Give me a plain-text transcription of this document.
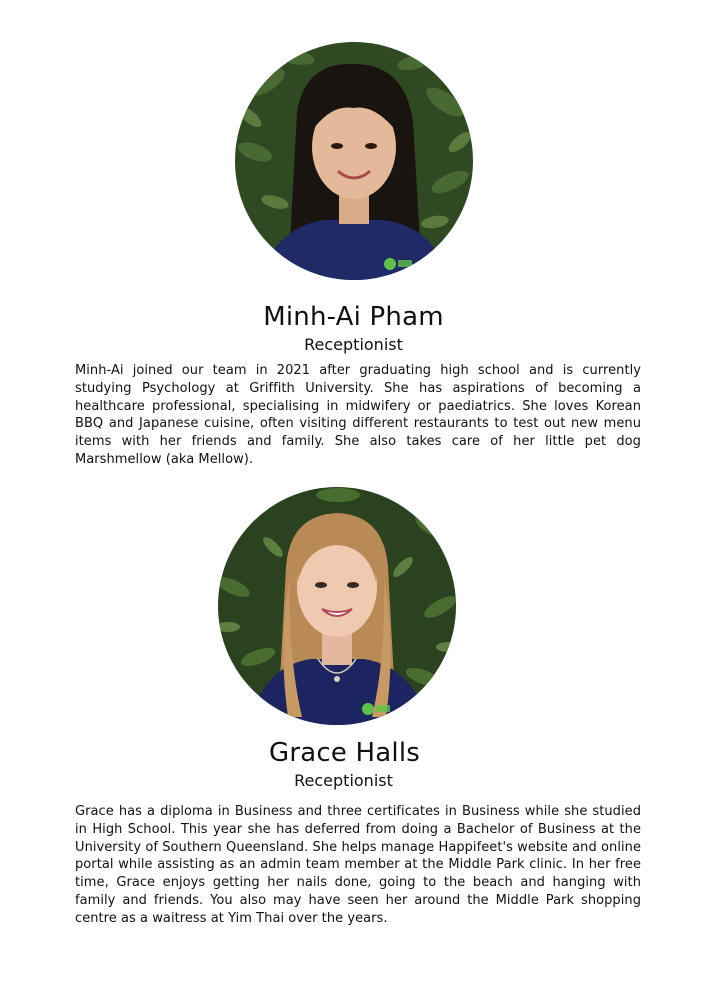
Minh-Ai Pham

Receptionist

Minh-Ai joined our team in 2021 after graduating high school and is currently studying Psychology at Griffith University. She has aspirations of becoming a healthcare professional, specialising in midwifery or paediatrics. She loves Korean BBQ and Japanese cuisine, often visiting different restaurants to test out new menu items with her friends and family. She also takes care of her little pet dog Marshmellow (aka Mellow).

Grace Halls

Receptionist

Grace has a diploma in Business and three certificates in Business while she studied in High School. This year she has deferred from doing a Bachelor of Business at the University of Southern Queensland. She helps manage Happifeet's website and online portal while assisting as an admin team member at the Middle Park clinic. In her free time, Grace enjoys getting her nails done, going to the beach and hanging with family and friends. You also may have seen her around the Middle Park shopping centre as a waitress at Yim Thai over the years.
